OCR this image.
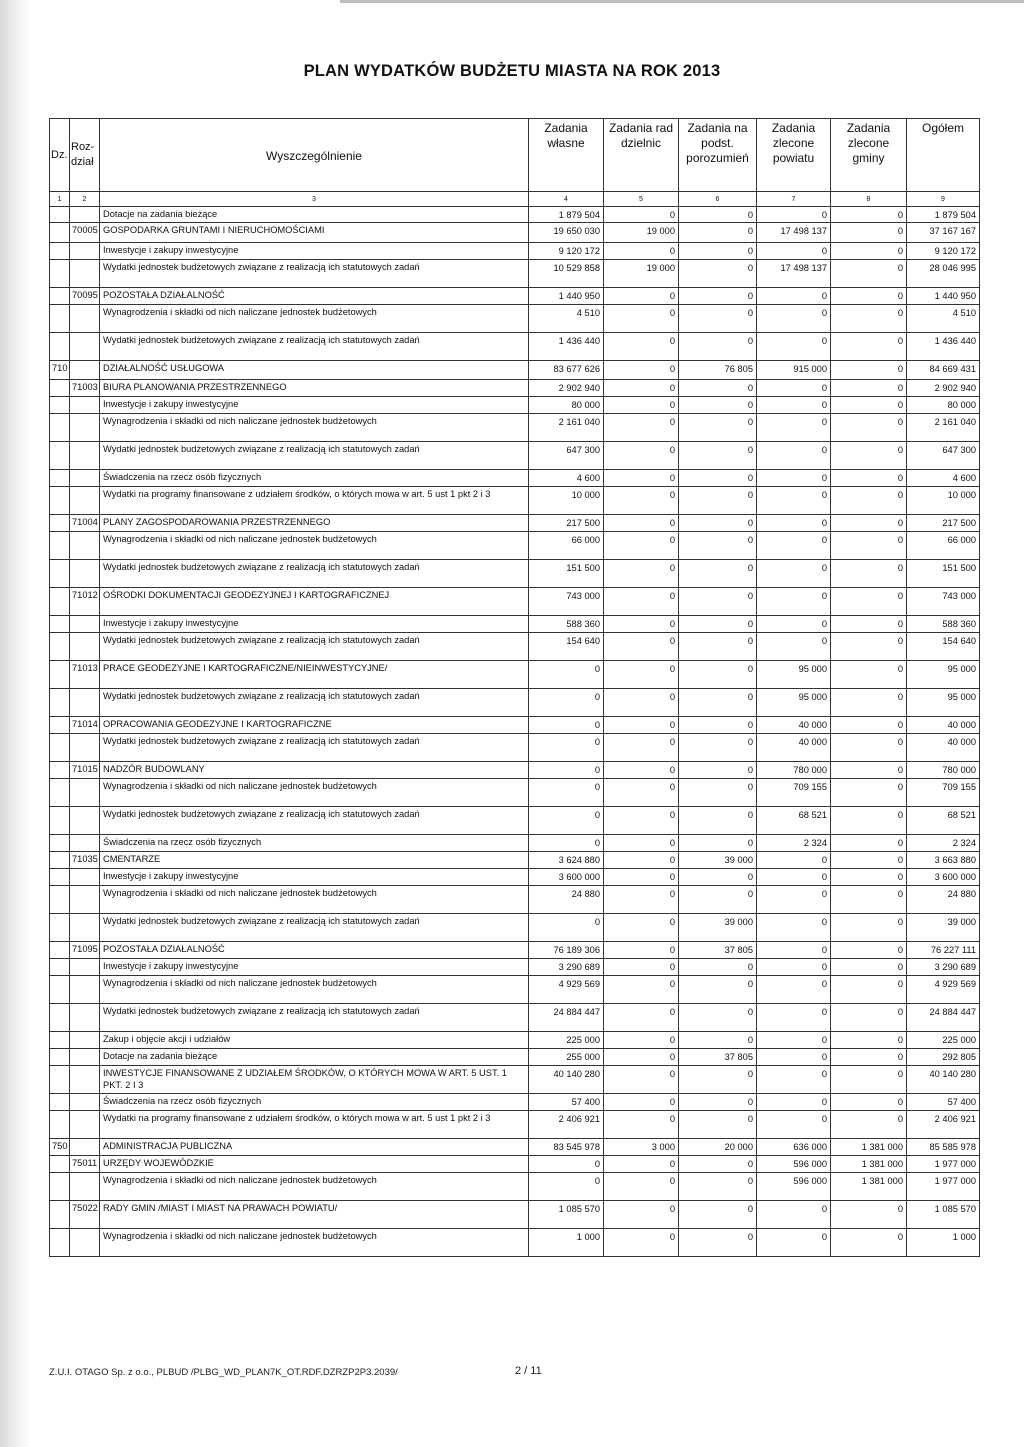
PLAN WYDATKÓW BUDŻETU MIASTA NA ROK 2013
Dz.	Roz-dział	Wyszczególnienie	Zadania własne	Zadania rad dzielnic	Zadania na podst. porozumień	Zadania zlecone powiatu	Zadania zlecone gminy	Ogółem
1	2	3	4	5	6	7	8	9
		Dotacje na zadania bieżące	1 879 504	0	0	0	0	1 879 504
	70005	GOSPODARKA GRUNTAMI I NIERUCHOMOŚCIAMI	19 650 030	19 000	0	17 498 137	0	37 167 167
		Inwestycje i zakupy inwestycyjne	9 120 172	0	0	0	0	9 120 172
		Wydatki jednostek budżetowych związane z realizacją ich statutowych zadań	10 529 858	19 000	0	17 498 137	0	28 046 995
	70095	POZOSTAŁA DZIAŁALNOŚĆ	1 440 950	0	0	0	0	1 440 950
		Wynagrodzenia i składki od nich naliczane jednostek budżetowych	4 510	0	0	0	0	4 510
		Wydatki jednostek budżetowych związane z realizacją ich statutowych zadań	1 436 440	0	0	0	0	1 436 440
710		DZIAŁALNOŚĆ USŁUGOWA	83 677 626	0	76 805	915 000	0	84 669 431
	71003	BIURA PLANOWANIA PRZESTRZENNEGO	2 902 940	0	0	0	0	2 902 940
		Inwestycje i zakupy inwestycyjne	80 000	0	0	0	0	80 000
		Wynagrodzenia i składki od nich naliczane jednostek budżetowych	2 161 040	0	0	0	0	2 161 040
		Wydatki jednostek budżetowych związane z realizacją ich statutowych zadań	647 300	0	0	0	0	647 300
		Świadczenia na rzecz osób fizycznych	4 600	0	0	0	0	4 600
		Wydatki na programy finansowane z udziałem środków, o których mowa w art. 5 ust 1 pkt 2 i 3	10 000	0	0	0	0	10 000
	71004	PLANY ZAGOSPODAROWANIA PRZESTRZENNEGO	217 500	0	0	0	0	217 500
		Wynagrodzenia i składki od nich naliczane jednostek budżetowych	66 000	0	0	0	0	66 000
		Wydatki jednostek budżetowych związane z realizacją ich statutowych zadań	151 500	0	0	0	0	151 500
	71012	OŚRODKI DOKUMENTACJI GEODEZYJNEJ I KARTOGRAFICZNEJ	743 000	0	0	0	0	743 000
		Inwestycje i zakupy inwestycyjne	588 360	0	0	0	0	588 360
		Wydatki jednostek budżetowych związane z realizacją ich statutowych zadań	154 640	0	0	0	0	154 640
	71013	PRACE GEODEZYJNE I KARTOGRAFICZNE/NIEINWESTYCYJNE/	0	0	0	95 000	0	95 000
		Wydatki jednostek budżetowych związane z realizacją ich statutowych zadań	0	0	0	95 000	0	95 000
	71014	OPRACOWANIA GEODEZYJNE I KARTOGRAFICZNE	0	0	0	40 000	0	40 000
		Wydatki jednostek budżetowych związane z realizacją ich statutowych zadań	0	0	0	40 000	0	40 000
	71015	NADZÓR BUDOWLANY	0	0	0	780 000	0	780 000
		Wynagrodzenia i składki od nich naliczane jednostek budżetowych	0	0	0	709 155	0	709 155
		Wydatki jednostek budżetowych związane z realizacją ich statutowych zadań	0	0	0	68 521	0	68 521
		Świadczenia na rzecz osób fizycznych	0	0	0	2 324	0	2 324
	71035	CMENTARZE	3 624 880	0	39 000	0	0	3 663 880
		Inwestycje i zakupy inwestycyjne	3 600 000	0	0	0	0	3 600 000
		Wynagrodzenia i składki od nich naliczane jednostek budżetowych	24 880	0	0	0	0	24 880
		Wydatki jednostek budżetowych związane z realizacją ich statutowych zadań	0	0	39 000	0	0	39 000
	71095	POZOSTAŁA DZIAŁALNOŚĆ	76 189 306	0	37 805	0	0	76 227 111
		Inwestycje i zakupy inwestycyjne	3 290 689	0	0	0	0	3 290 689
		Wynagrodzenia i składki od nich naliczane jednostek budżetowych	4 929 569	0	0	0	0	4 929 569
		Wydatki jednostek budżetowych związane z realizacją ich statutowych zadań	24 884 447	0	0	0	0	24 884 447
		Zakup i objęcie akcji i udziałów	225 000	0	0	0	0	225 000
		Dotacje na zadania bieżące	255 000	0	37 805	0	0	292 805
		INWESTYCJE FINANSOWANE Z UDZIAŁEM ŚRODKÓW, O KTÓRYCH MOWA W ART. 5 UST. 1 PKT. 2 I 3	40 140 280	0	0	0	0	40 140 280
		Świadczenia na rzecz osób fizycznych	57 400	0	0	0	0	57 400
		Wydatki na programy finansowane z udziałem środków, o których mowa w art. 5 ust 1 pkt 2 i 3	2 406 921	0	0	0	0	2 406 921
750		ADMINISTRACJA PUBLICZNA	83 545 978	3 000	20 000	636 000	1 381 000	85 585 978
	75011	URZĘDY WOJEWÓDZKIE	0	0	0	596 000	1 381 000	1 977 000
		Wynagrodzenia i składki od nich naliczane jednostek budżetowych	0	0	0	596 000	1 381 000	1 977 000
	75022	RADY GMIN /MIAST I MIAST NA PRAWACH POWIATU/	1 085 570	0	0	0	0	1 085 570
		Wynagrodzenia i składki od nich naliczane jednostek budżetowych	1 000	0	0	0	0	1 000
Z.U.I. OTAGO Sp. z o.o., PLBUD /PLBG_WD_PLAN7K_OT.RDF.DZRZP2P3.2039/	2 / 11
